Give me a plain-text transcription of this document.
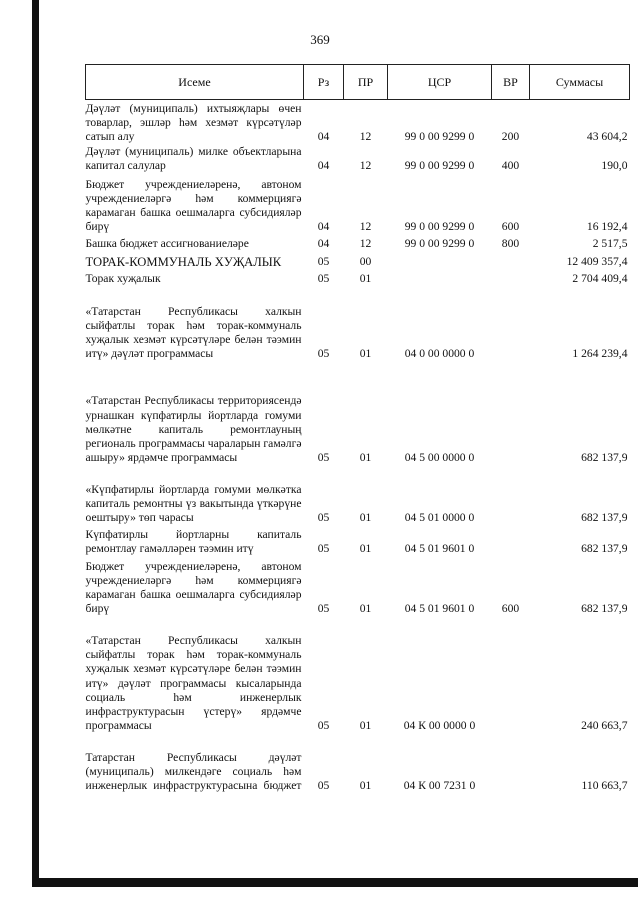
369
Исеме	Рз	ПР	ЦСР	ВР	Суммасы
Дәүләт (муниципаль) ихтыяҗлары өчен товарлар, эшләр һәм хезмәт күрсәтүләр сатып алу	04	12	99 0 00 9299 0	200	43 604,2
Дәүләт (муниципаль) милке объектларына капитал салулар	04	12	99 0 00 9299 0	400	190,0
Бюджет учреждениеләренә, автоном учреждениеләргә һәм коммерциягә карамаган башка оешмаларга субсидияләр бирү	04	12	99 0 00 9299 0	600	16 192,4
Башка бюджет ассигнованиеләре	04	12	99 0 00 9299 0	800	2 517,5
ТОРАК-КОММУНАЛЬ ХУҖАЛЫК	05	00			12 409 357,4
Торак хуҗалык	05	01			2 704 409,4
«Татарстан Республикасы халкын сыйфатлы торак һәм торак-коммуналь хуҗалык хезмәт күрсәтүләре белән тәэмин итү» дәүләт программасы	05	01	04 0 00 0000 0		1 264 239,4
«Татарстан Республикасы территориясендә урнашкан күпфатирлы йортларда гомуми мөлкәтне капиталь ремонтлауның региональ программасы чараларын гамәлгә ашыру» ярдәмче программасы	05	01	04 5 00 0000 0		682 137,9
«Күпфатирлы йортларда гомуми мөлкәтка капиталь ремонтны үз вакытында үткәрүне оештыру» төп чарасы	05	01	04 5 01 0000 0		682 137,9
Күпфатирлы йортларны капиталь ремонтлау гамәлләрен тәэмин итү	05	01	04 5 01 9601 0		682 137,9
Бюджет учреждениеләренә, автоном учреждениеләргә һәм коммерциягә карамаган башка оешмаларга субсидияләр бирү	05	01	04 5 01 9601 0	600	682 137,9
«Татарстан Республикасы халкын сыйфатлы торак һәм торак-коммуналь хуҗалык хезмәт күрсәтүләре белән тәэмин итү» дәүләт программасы кысаларында социаль һәм инженерлык инфраструктурасын үстерү» ярдәмче программасы	05	01	04 К 00 0000 0		240 663,7
Татарстан Республикасы дәүләт (муниципаль) милкендәге социаль һәм инженерлык инфраструктурасына бюджет	05	01	04 К 00 7231 0		110 663,7
